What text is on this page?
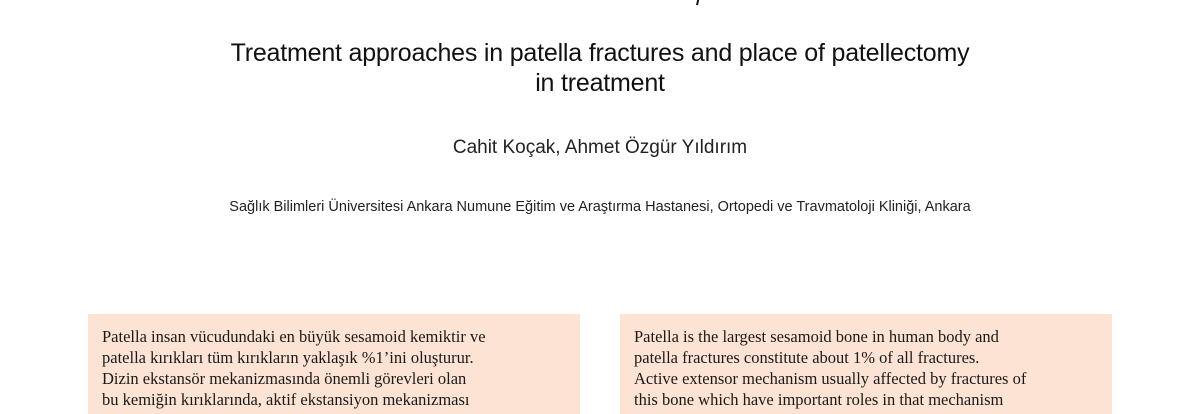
Treatment approaches in patella fractures and place of patellectomy
in treatment
Cahit Koçak, Ahmet Özgür Yıldırım
Sağlık Bilimleri Üniversitesi Ankara Numune Eğitim ve Araştırma Hastanesi, Ortopedi ve Travmatoloji Kliniği, Ankara
Patella insan vücudundaki en büyük sesamoid kemiktir ve
patella kırıkları tüm kırıkların yaklaşık %1’ini oluşturur.
Dizin ekstansör mekanizmasında önemli görevleri olan
bu kemiğin kırıklarında, aktif ekstansiyon mekanizması
Patella is the largest sesamoid bone in human body and
patella fractures constitute about 1% of all fractures.
Active extensor mechanism usually affected by fractures of
this bone which have important roles in that mechanism
